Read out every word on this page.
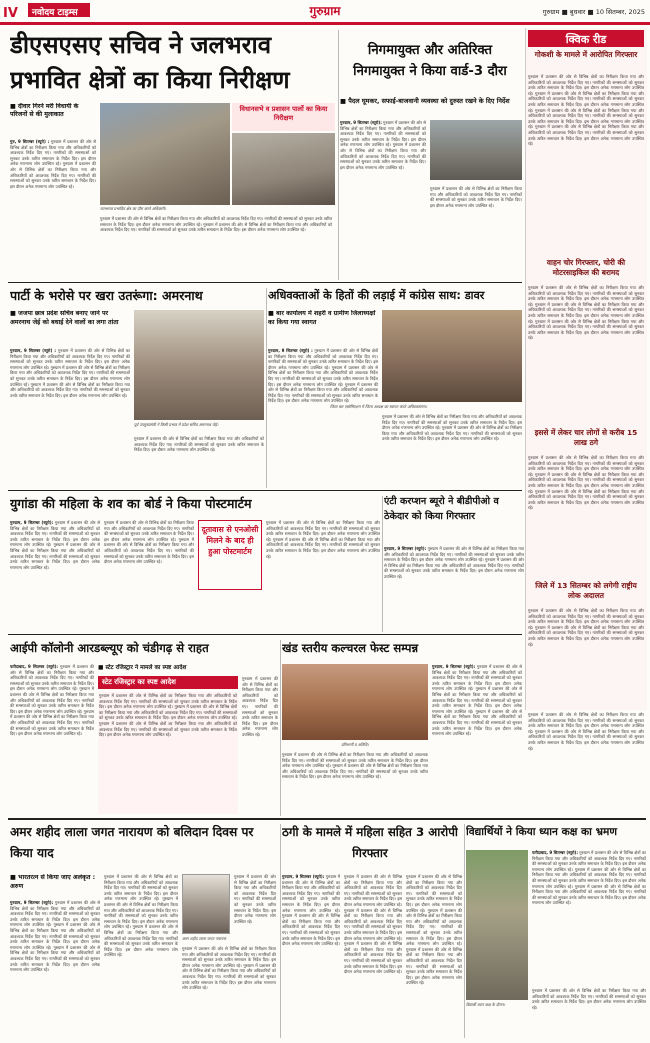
IV	नवोदय टाइम्स	गुरुग्राम	गुरुग्राम ■ बुधवार ■ 10 सितम्बर, 2025
डीएसएसए सचिव ने जलभराव प्रभावित क्षेत्रों का किया निरीक्षण
■ दीवार गिरने मरी विधायी के परिजनों से की मुलाकात
गुरु, 9 सितम्बर (ब्यूरो) : गुरुग्राम में प्रशासन की ओर से विभिन्न क्षेत्रों का निरीक्षण किया गया और अधिकारियों को आवश्यक निर्देश दिए गए। नागरिकों की समस्याओं को सुनकर उनके त्वरित समाधान के निर्देश दिए। इस दौरान अनेक गणमान्य लोग उपस्थित रहे। गुरुग्राम में प्रशासन की ओर से विभिन्न क्षेत्रों का निरीक्षण किया गया और अधिकारियों को आवश्यक निर्देश दिए गए। नागरिकों की समस्याओं को सुनकर उनके त्वरित समाधान के निर्देश दिए। इस दौरान अनेक गणमान्य लोग उपस्थित रहे।
जलभराव प्रभावित क्षेत्र का दौरा करते अधिकारी।
विधानसभे व प्रशासन पालों का किया निरीक्षण
गुरुग्राम में प्रशासन की ओर से विभिन्न क्षेत्रों का निरीक्षण किया गया और अधिकारियों को आवश्यक निर्देश दिए गए। नागरिकों की समस्याओं को सुनकर उनके त्वरित समाधान के निर्देश दिए। इस दौरान अनेक गणमान्य लोग उपस्थित रहे। गुरुग्राम में प्रशासन की ओर से विभिन्न क्षेत्रों का निरीक्षण किया गया और अधिकारियों को आवश्यक निर्देश दिए गए। नागरिकों की समस्याओं को सुनकर उनके त्वरित समाधान के निर्देश दिए। इस दौरान अनेक गणमान्य लोग उपस्थित रहे।
निगमायुक्त और अतिरिक्त निगमायुक्त ने किया वार्ड-3 दौरा
■ पैदल घूमकर, सफाई-बाजवानी व्यवस्था को दुरुस्त रखने के दिए निर्देश
गुरुग्राम, 9 सितम्बर (ब्यूरो): गुरुग्राम में प्रशासन की ओर से विभिन्न क्षेत्रों का निरीक्षण किया गया और अधिकारियों को आवश्यक निर्देश दिए गए। नागरिकों की समस्याओं को सुनकर उनके त्वरित समाधान के निर्देश दिए। इस दौरान अनेक गणमान्य लोग उपस्थित रहे। गुरुग्राम में प्रशासन की ओर से विभिन्न क्षेत्रों का निरीक्षण किया गया और अधिकारियों को आवश्यक निर्देश दिए गए। नागरिकों की समस्याओं को सुनकर उनके त्वरित समाधान के निर्देश दिए। इस दौरान अनेक गणमान्य लोग उपस्थित रहे।
गुरुग्राम में प्रशासन की ओर से विभिन्न क्षेत्रों का निरीक्षण किया गया और अधिकारियों को आवश्यक निर्देश दिए गए। नागरिकों की समस्याओं को सुनकर उनके त्वरित समाधान के निर्देश दिए। इस दौरान अनेक गणमान्य लोग उपस्थित रहे।
क्विक रीड
गोकशी के मामले में आरोपित गिरफ्तार
गुरुग्राम में प्रशासन की ओर से विभिन्न क्षेत्रों का निरीक्षण किया गया और अधिकारियों को आवश्यक निर्देश दिए गए। नागरिकों की समस्याओं को सुनकर उनके त्वरित समाधान के निर्देश दिए। इस दौरान अनेक गणमान्य लोग उपस्थित रहे। गुरुग्राम में प्रशासन की ओर से विभिन्न क्षेत्रों का निरीक्षण किया गया और अधिकारियों को आवश्यक निर्देश दिए गए। नागरिकों की समस्याओं को सुनकर उनके त्वरित समाधान के निर्देश दिए। इस दौरान अनेक गणमान्य लोग उपस्थित रहे। गुरुग्राम में प्रशासन की ओर से विभिन्न क्षेत्रों का निरीक्षण किया गया और अधिकारियों को आवश्यक निर्देश दिए गए। नागरिकों की समस्याओं को सुनकर उनके त्वरित समाधान के निर्देश दिए। इस दौरान अनेक गणमान्य लोग उपस्थित रहे। गुरुग्राम में प्रशासन की ओर से विभिन्न क्षेत्रों का निरीक्षण किया गया और अधिकारियों को आवश्यक निर्देश दिए गए। नागरिकों की समस्याओं को सुनकर उनके त्वरित समाधान के निर्देश दिए। इस दौरान अनेक गणमान्य लोग उपस्थित रहे।
वाहन चोर गिरफ्तार, चोरी की मोटरसाइकिल की बरामद
गुरुग्राम में प्रशासन की ओर से विभिन्न क्षेत्रों का निरीक्षण किया गया और अधिकारियों को आवश्यक निर्देश दिए गए। नागरिकों की समस्याओं को सुनकर उनके त्वरित समाधान के निर्देश दिए। इस दौरान अनेक गणमान्य लोग उपस्थित रहे। गुरुग्राम में प्रशासन की ओर से विभिन्न क्षेत्रों का निरीक्षण किया गया और अधिकारियों को आवश्यक निर्देश दिए गए। नागरिकों की समस्याओं को सुनकर उनके त्वरित समाधान के निर्देश दिए। इस दौरान अनेक गणमान्य लोग उपस्थित रहे। गुरुग्राम में प्रशासन की ओर से विभिन्न क्षेत्रों का निरीक्षण किया गया और अधिकारियों को आवश्यक निर्देश दिए गए। नागरिकों की समस्याओं को सुनकर उनके त्वरित समाधान के निर्देश दिए। इस दौरान अनेक गणमान्य लोग उपस्थित रहे।
इससे में लेकर चार लोगों से करीब 15 लाख ठगे
गुरुग्राम में प्रशासन की ओर से विभिन्न क्षेत्रों का निरीक्षण किया गया और अधिकारियों को आवश्यक निर्देश दिए गए। नागरिकों की समस्याओं को सुनकर उनके त्वरित समाधान के निर्देश दिए। इस दौरान अनेक गणमान्य लोग उपस्थित रहे। गुरुग्राम में प्रशासन की ओर से विभिन्न क्षेत्रों का निरीक्षण किया गया और अधिकारियों को आवश्यक निर्देश दिए गए। नागरिकों की समस्याओं को सुनकर उनके त्वरित समाधान के निर्देश दिए। इस दौरान अनेक गणमान्य लोग उपस्थित रहे। गुरुग्राम में प्रशासन की ओर से विभिन्न क्षेत्रों का निरीक्षण किया गया और अधिकारियों को आवश्यक निर्देश दिए गए। नागरिकों की समस्याओं को सुनकर उनके त्वरित समाधान के निर्देश दिए। इस दौरान अनेक गणमान्य लोग उपस्थित रहे।
जिले में 13 सितम्बर को लगेगी राष्ट्रीय लोक अदालत
गुरुग्राम में प्रशासन की ओर से विभिन्न क्षेत्रों का निरीक्षण किया गया और अधिकारियों को आवश्यक निर्देश दिए गए। नागरिकों की समस्याओं को सुनकर उनके त्वरित समाधान के निर्देश दिए। इस दौरान अनेक गणमान्य लोग उपस्थित रहे। गुरुग्राम में प्रशासन की ओर से विभिन्न क्षेत्रों का निरीक्षण किया गया और अधिकारियों को आवश्यक निर्देश दिए गए। नागरिकों की समस्याओं को सुनकर उनके त्वरित समाधान के निर्देश दिए। इस दौरान अनेक गणमान्य लोग उपस्थित रहे।
पार्टी के भरोसे पर खरा उतरूंगा: अमरनाथ
■ जजपा छात्र प्रदेश सचिव बनाए जाने पर अमरनाथ जेई को बधाई देने वालों का लगा तांता
गुरुग्राम, 9 सितम्बर (ब्यूरो) : गुरुग्राम में प्रशासन की ओर से विभिन्न क्षेत्रों का निरीक्षण किया गया और अधिकारियों को आवश्यक निर्देश दिए गए। नागरिकों की समस्याओं को सुनकर उनके त्वरित समाधान के निर्देश दिए। इस दौरान अनेक गणमान्य लोग उपस्थित रहे। गुरुग्राम में प्रशासन की ओर से विभिन्न क्षेत्रों का निरीक्षण किया गया और अधिकारियों को आवश्यक निर्देश दिए गए। नागरिकों की समस्याओं को सुनकर उनके त्वरित समाधान के निर्देश दिए। इस दौरान अनेक गणमान्य लोग उपस्थित रहे। गुरुग्राम में प्रशासन की ओर से विभिन्न क्षेत्रों का निरीक्षण किया गया और अधिकारियों को आवश्यक निर्देश दिए गए। नागरिकों की समस्याओं को सुनकर उनके त्वरित समाधान के निर्देश दिए। इस दौरान अनेक गणमान्य लोग उपस्थित रहे।
पूर्व उपमुख्यमंत्री ने किसी प्रभाव में प्रदेश सचिव अमरनाथ जेई।
गुरुग्राम में प्रशासन की ओर से विभिन्न क्षेत्रों का निरीक्षण किया गया और अधिकारियों को आवश्यक निर्देश दिए गए। नागरिकों की समस्याओं को सुनकर उनके त्वरित समाधान के निर्देश दिए। इस दौरान अनेक गणमान्य लोग उपस्थित रहे।
अधिवक्ताओं के हितों की लड़ाई में कांग्रेस साथ: डावर
■ बार कार्यालय में शहरी व ग्रामीण जिलाध्यक्षों का किया गया स्वागत
जिला बार एसोसिएशन में जिला अध्यक्ष का स्वागत करते अधिवक्तागण।
गुरुग्राम, 9 सितम्बर (ब्यूरो) : गुरुग्राम में प्रशासन की ओर से विभिन्न क्षेत्रों का निरीक्षण किया गया और अधिकारियों को आवश्यक निर्देश दिए गए। नागरिकों की समस्याओं को सुनकर उनके त्वरित समाधान के निर्देश दिए। इस दौरान अनेक गणमान्य लोग उपस्थित रहे। गुरुग्राम में प्रशासन की ओर से विभिन्न क्षेत्रों का निरीक्षण किया गया और अधिकारियों को आवश्यक निर्देश दिए गए। नागरिकों की समस्याओं को सुनकर उनके त्वरित समाधान के निर्देश दिए। इस दौरान अनेक गणमान्य लोग उपस्थित रहे। गुरुग्राम में प्रशासन की ओर से विभिन्न क्षेत्रों का निरीक्षण किया गया और अधिकारियों को आवश्यक निर्देश दिए गए। नागरिकों की समस्याओं को सुनकर उनके त्वरित समाधान के निर्देश दिए। इस दौरान अनेक गणमान्य लोग उपस्थित रहे।
गुरुग्राम में प्रशासन की ओर से विभिन्न क्षेत्रों का निरीक्षण किया गया और अधिकारियों को आवश्यक निर्देश दिए गए। नागरिकों की समस्याओं को सुनकर उनके त्वरित समाधान के निर्देश दिए। इस दौरान अनेक गणमान्य लोग उपस्थित रहे। गुरुग्राम में प्रशासन की ओर से विभिन्न क्षेत्रों का निरीक्षण किया गया और अधिकारियों को आवश्यक निर्देश दिए गए। नागरिकों की समस्याओं को सुनकर उनके त्वरित समाधान के निर्देश दिए। इस दौरान अनेक गणमान्य लोग उपस्थित रहे।
युगांडा की महिला के शव का बोर्ड ने किया पोस्टमार्टम
गुरुग्राम, 9 सितम्बर (ब्यूरो): गुरुग्राम में प्रशासन की ओर से विभिन्न क्षेत्रों का निरीक्षण किया गया और अधिकारियों को आवश्यक निर्देश दिए गए। नागरिकों की समस्याओं को सुनकर उनके त्वरित समाधान के निर्देश दिए। इस दौरान अनेक गणमान्य लोग उपस्थित रहे। गुरुग्राम में प्रशासन की ओर से विभिन्न क्षेत्रों का निरीक्षण किया गया और अधिकारियों को आवश्यक निर्देश दिए गए। नागरिकों की समस्याओं को सुनकर उनके त्वरित समाधान के निर्देश दिए। इस दौरान अनेक गणमान्य लोग उपस्थित रहे।
गुरुग्राम में प्रशासन की ओर से विभिन्न क्षेत्रों का निरीक्षण किया गया और अधिकारियों को आवश्यक निर्देश दिए गए। नागरिकों की समस्याओं को सुनकर उनके त्वरित समाधान के निर्देश दिए। इस दौरान अनेक गणमान्य लोग उपस्थित रहे। गुरुग्राम में प्रशासन की ओर से विभिन्न क्षेत्रों का निरीक्षण किया गया और अधिकारियों को आवश्यक निर्देश दिए गए। नागरिकों की समस्याओं को सुनकर उनके त्वरित समाधान के निर्देश दिए। इस दौरान अनेक गणमान्य लोग उपस्थित रहे।
दूतावास से एनओसी मिलने के बाद ही हुआ पोस्टमार्टम
गुरुग्राम में प्रशासन की ओर से विभिन्न क्षेत्रों का निरीक्षण किया गया और अधिकारियों को आवश्यक निर्देश दिए गए। नागरिकों की समस्याओं को सुनकर उनके त्वरित समाधान के निर्देश दिए। इस दौरान अनेक गणमान्य लोग उपस्थित रहे। गुरुग्राम में प्रशासन की ओर से विभिन्न क्षेत्रों का निरीक्षण किया गया और अधिकारियों को आवश्यक निर्देश दिए गए। नागरिकों की समस्याओं को सुनकर उनके त्वरित समाधान के निर्देश दिए। इस दौरान अनेक गणमान्य लोग उपस्थित रहे।
एंटी करप्शन ब्यूरो ने बीडीपीओ व ठेकेदार को किया गिरफ्तार
गुरुग्राम, 9 सितम्बर (ब्यूरो): गुरुग्राम में प्रशासन की ओर से विभिन्न क्षेत्रों का निरीक्षण किया गया और अधिकारियों को आवश्यक निर्देश दिए गए। नागरिकों की समस्याओं को सुनकर उनके त्वरित समाधान के निर्देश दिए। इस दौरान अनेक गणमान्य लोग उपस्थित रहे। गुरुग्राम में प्रशासन की ओर से विभिन्न क्षेत्रों का निरीक्षण किया गया और अधिकारियों को आवश्यक निर्देश दिए गए। नागरिकों की समस्याओं को सुनकर उनके त्वरित समाधान के निर्देश दिए। इस दौरान अनेक गणमान्य लोग उपस्थित रहे।
आईपी कॉलोनी आरडब्ल्यूए को चंडीगढ़ से राहत
फरीदाबाद, 9 सितम्बर (ब्यूरो): गुरुग्राम में प्रशासन की ओर से विभिन्न क्षेत्रों का निरीक्षण किया गया और अधिकारियों को आवश्यक निर्देश दिए गए। नागरिकों की समस्याओं को सुनकर उनके त्वरित समाधान के निर्देश दिए। इस दौरान अनेक गणमान्य लोग उपस्थित रहे। गुरुग्राम में प्रशासन की ओर से विभिन्न क्षेत्रों का निरीक्षण किया गया और अधिकारियों को आवश्यक निर्देश दिए गए। नागरिकों की समस्याओं को सुनकर उनके त्वरित समाधान के निर्देश दिए। इस दौरान अनेक गणमान्य लोग उपस्थित रहे। गुरुग्राम में प्रशासन की ओर से विभिन्न क्षेत्रों का निरीक्षण किया गया और अधिकारियों को आवश्यक निर्देश दिए गए। नागरिकों की समस्याओं को सुनकर उनके त्वरित समाधान के निर्देश दिए। इस दौरान अनेक गणमान्य लोग उपस्थित रहे।
■ स्टेट रजिस्ट्रार ने मामले का स्पष्ट आदेश
स्टेट रजिस्ट्रार का स्पष्ट आदेश
गुरुग्राम में प्रशासन की ओर से विभिन्न क्षेत्रों का निरीक्षण किया गया और अधिकारियों को आवश्यक निर्देश दिए गए। नागरिकों की समस्याओं को सुनकर उनके त्वरित समाधान के निर्देश दिए। इस दौरान अनेक गणमान्य लोग उपस्थित रहे। गुरुग्राम में प्रशासन की ओर से विभिन्न क्षेत्रों का निरीक्षण किया गया और अधिकारियों को आवश्यक निर्देश दिए गए। नागरिकों की समस्याओं को सुनकर उनके त्वरित समाधान के निर्देश दिए। इस दौरान अनेक गणमान्य लोग उपस्थित रहे। गुरुग्राम में प्रशासन की ओर से विभिन्न क्षेत्रों का निरीक्षण किया गया और अधिकारियों को आवश्यक निर्देश दिए गए। नागरिकों की समस्याओं को सुनकर उनके त्वरित समाधान के निर्देश दिए। इस दौरान अनेक गणमान्य लोग उपस्थित रहे।
गुरुग्राम में प्रशासन की ओर से विभिन्न क्षेत्रों का निरीक्षण किया गया और अधिकारियों को आवश्यक निर्देश दिए गए। नागरिकों की समस्याओं को सुनकर उनके त्वरित समाधान के निर्देश दिए। इस दौरान अनेक गणमान्य लोग उपस्थित रहे।
खंड स्तरीय कल्चरल फेस्ट सम्पन्न
प्रतिभागी व अतिथि।
गुरुग्राम, 9 सितम्बर (ब्यूरो): गुरुग्राम में प्रशासन की ओर से विभिन्न क्षेत्रों का निरीक्षण किया गया और अधिकारियों को आवश्यक निर्देश दिए गए। नागरिकों की समस्याओं को सुनकर उनके त्वरित समाधान के निर्देश दिए। इस दौरान अनेक गणमान्य लोग उपस्थित रहे। गुरुग्राम में प्रशासन की ओर से विभिन्न क्षेत्रों का निरीक्षण किया गया और अधिकारियों को आवश्यक निर्देश दिए गए। नागरिकों की समस्याओं को सुनकर उनके त्वरित समाधान के निर्देश दिए। इस दौरान अनेक गणमान्य लोग उपस्थित रहे। गुरुग्राम में प्रशासन की ओर से विभिन्न क्षेत्रों का निरीक्षण किया गया और अधिकारियों को आवश्यक निर्देश दिए गए। नागरिकों की समस्याओं को सुनकर उनके त्वरित समाधान के निर्देश दिए। इस दौरान अनेक गणमान्य लोग उपस्थित रहे।
गुरुग्राम में प्रशासन की ओर से विभिन्न क्षेत्रों का निरीक्षण किया गया और अधिकारियों को आवश्यक निर्देश दिए गए। नागरिकों की समस्याओं को सुनकर उनके त्वरित समाधान के निर्देश दिए। इस दौरान अनेक गणमान्य लोग उपस्थित रहे। गुरुग्राम में प्रशासन की ओर से विभिन्न क्षेत्रों का निरीक्षण किया गया और अधिकारियों को आवश्यक निर्देश दिए गए। नागरिकों की समस्याओं को सुनकर उनके त्वरित समाधान के निर्देश दिए। इस दौरान अनेक गणमान्य लोग उपस्थित रहे।
गुरुग्राम में प्रशासन की ओर से विभिन्न क्षेत्रों का निरीक्षण किया गया और अधिकारियों को आवश्यक निर्देश दिए गए। नागरिकों की समस्याओं को सुनकर उनके त्वरित समाधान के निर्देश दिए। इस दौरान अनेक गणमान्य लोग उपस्थित रहे। गुरुग्राम में प्रशासन की ओर से विभिन्न क्षेत्रों का निरीक्षण किया गया और अधिकारियों को आवश्यक निर्देश दिए गए। नागरिकों की समस्याओं को सुनकर उनके त्वरित समाधान के निर्देश दिए। इस दौरान अनेक गणमान्य लोग उपस्थित रहे।
अमर शहीद लाला जगत नारायण को बलिदान दिवस पर किया याद
■ भारतरत्न से किया जाए अलंकृत : अरुण
गुरुग्राम, 9 सितम्बर (ब्यूरो): गुरुग्राम में प्रशासन की ओर से विभिन्न क्षेत्रों का निरीक्षण किया गया और अधिकारियों को आवश्यक निर्देश दिए गए। नागरिकों की समस्याओं को सुनकर उनके त्वरित समाधान के निर्देश दिए। इस दौरान अनेक गणमान्य लोग उपस्थित रहे। गुरुग्राम में प्रशासन की ओर से विभिन्न क्षेत्रों का निरीक्षण किया गया और अधिकारियों को आवश्यक निर्देश दिए गए। नागरिकों की समस्याओं को सुनकर उनके त्वरित समाधान के निर्देश दिए। इस दौरान अनेक गणमान्य लोग उपस्थित रहे। गुरुग्राम में प्रशासन की ओर से विभिन्न क्षेत्रों का निरीक्षण किया गया और अधिकारियों को आवश्यक निर्देश दिए गए। नागरिकों की समस्याओं को सुनकर उनके त्वरित समाधान के निर्देश दिए। इस दौरान अनेक गणमान्य लोग उपस्थित रहे।
गुरुग्राम में प्रशासन की ओर से विभिन्न क्षेत्रों का निरीक्षण किया गया और अधिकारियों को आवश्यक निर्देश दिए गए। नागरिकों की समस्याओं को सुनकर उनके त्वरित समाधान के निर्देश दिए। इस दौरान अनेक गणमान्य लोग उपस्थित रहे। गुरुग्राम में प्रशासन की ओर से विभिन्न क्षेत्रों का निरीक्षण किया गया और अधिकारियों को आवश्यक निर्देश दिए गए। नागरिकों की समस्याओं को सुनकर उनके त्वरित समाधान के निर्देश दिए। इस दौरान अनेक गणमान्य लोग उपस्थित रहे। गुरुग्राम में प्रशासन की ओर से विभिन्न क्षेत्रों का निरीक्षण किया गया और अधिकारियों को आवश्यक निर्देश दिए गए। नागरिकों की समस्याओं को सुनकर उनके त्वरित समाधान के निर्देश दिए। इस दौरान अनेक गणमान्य लोग उपस्थित रहे।
अमर शहीद लाला जगत नारायण
गुरुग्राम में प्रशासन की ओर से विभिन्न क्षेत्रों का निरीक्षण किया गया और अधिकारियों को आवश्यक निर्देश दिए गए। नागरिकों की समस्याओं को सुनकर उनके त्वरित समाधान के निर्देश दिए। इस दौरान अनेक गणमान्य लोग उपस्थित रहे।
गुरुग्राम में प्रशासन की ओर से विभिन्न क्षेत्रों का निरीक्षण किया गया और अधिकारियों को आवश्यक निर्देश दिए गए। नागरिकों की समस्याओं को सुनकर उनके त्वरित समाधान के निर्देश दिए। इस दौरान अनेक गणमान्य लोग उपस्थित रहे। गुरुग्राम में प्रशासन की ओर से विभिन्न क्षेत्रों का निरीक्षण किया गया और अधिकारियों को आवश्यक निर्देश दिए गए। नागरिकों की समस्याओं को सुनकर उनके त्वरित समाधान के निर्देश दिए। इस दौरान अनेक गणमान्य लोग उपस्थित रहे।
ठगी के मामले में महिला सहित 3 आरोपी गिरफ्तार
गुरुग्राम, 9 सितम्बर (ब्यूरो): गुरुग्राम में प्रशासन की ओर से विभिन्न क्षेत्रों का निरीक्षण किया गया और अधिकारियों को आवश्यक निर्देश दिए गए। नागरिकों की समस्याओं को सुनकर उनके त्वरित समाधान के निर्देश दिए। इस दौरान अनेक गणमान्य लोग उपस्थित रहे। गुरुग्राम में प्रशासन की ओर से विभिन्न क्षेत्रों का निरीक्षण किया गया और अधिकारियों को आवश्यक निर्देश दिए गए। नागरिकों की समस्याओं को सुनकर उनके त्वरित समाधान के निर्देश दिए। इस दौरान अनेक गणमान्य लोग उपस्थित रहे।
गुरुग्राम में प्रशासन की ओर से विभिन्न क्षेत्रों का निरीक्षण किया गया और अधिकारियों को आवश्यक निर्देश दिए गए। नागरिकों की समस्याओं को सुनकर उनके त्वरित समाधान के निर्देश दिए। इस दौरान अनेक गणमान्य लोग उपस्थित रहे। गुरुग्राम में प्रशासन की ओर से विभिन्न क्षेत्रों का निरीक्षण किया गया और अधिकारियों को आवश्यक निर्देश दिए गए। नागरिकों की समस्याओं को सुनकर उनके त्वरित समाधान के निर्देश दिए। इस दौरान अनेक गणमान्य लोग उपस्थित रहे। गुरुग्राम में प्रशासन की ओर से विभिन्न क्षेत्रों का निरीक्षण किया गया और अधिकारियों को आवश्यक निर्देश दिए गए। नागरिकों की समस्याओं को सुनकर उनके त्वरित समाधान के निर्देश दिए। इस दौरान अनेक गणमान्य लोग उपस्थित रहे।
गुरुग्राम में प्रशासन की ओर से विभिन्न क्षेत्रों का निरीक्षण किया गया और अधिकारियों को आवश्यक निर्देश दिए गए। नागरिकों की समस्याओं को सुनकर उनके त्वरित समाधान के निर्देश दिए। इस दौरान अनेक गणमान्य लोग उपस्थित रहे। गुरुग्राम में प्रशासन की ओर से विभिन्न क्षेत्रों का निरीक्षण किया गया और अधिकारियों को आवश्यक निर्देश दिए गए। नागरिकों की समस्याओं को सुनकर उनके त्वरित समाधान के निर्देश दिए। इस दौरान अनेक गणमान्य लोग उपस्थित रहे। गुरुग्राम में प्रशासन की ओर से विभिन्न क्षेत्रों का निरीक्षण किया गया और अधिकारियों को आवश्यक निर्देश दिए गए। नागरिकों की समस्याओं को सुनकर उनके त्वरित समाधान के निर्देश दिए। इस दौरान अनेक गणमान्य लोग उपस्थित रहे।
विद्यार्थियों ने किया ध्यान कक्ष का भ्रमण
विद्यार्थी ध्यान कक्ष के दौरान।
फरीदाबाद, 9 सितम्बर (ब्यूरो): गुरुग्राम में प्रशासन की ओर से विभिन्न क्षेत्रों का निरीक्षण किया गया और अधिकारियों को आवश्यक निर्देश दिए गए। नागरिकों की समस्याओं को सुनकर उनके त्वरित समाधान के निर्देश दिए। इस दौरान अनेक गणमान्य लोग उपस्थित रहे। गुरुग्राम में प्रशासन की ओर से विभिन्न क्षेत्रों का निरीक्षण किया गया और अधिकारियों को आवश्यक निर्देश दिए गए। नागरिकों की समस्याओं को सुनकर उनके त्वरित समाधान के निर्देश दिए। इस दौरान अनेक गणमान्य लोग उपस्थित रहे। गुरुग्राम में प्रशासन की ओर से विभिन्न क्षेत्रों का निरीक्षण किया गया और अधिकारियों को आवश्यक निर्देश दिए गए। नागरिकों की समस्याओं को सुनकर उनके त्वरित समाधान के निर्देश दिए। इस दौरान अनेक गणमान्य लोग उपस्थित रहे।
गुरुग्राम में प्रशासन की ओर से विभिन्न क्षेत्रों का निरीक्षण किया गया और अधिकारियों को आवश्यक निर्देश दिए गए। नागरिकों की समस्याओं को सुनकर उनके त्वरित समाधान के निर्देश दिए। इस दौरान अनेक गणमान्य लोग उपस्थित रहे।
